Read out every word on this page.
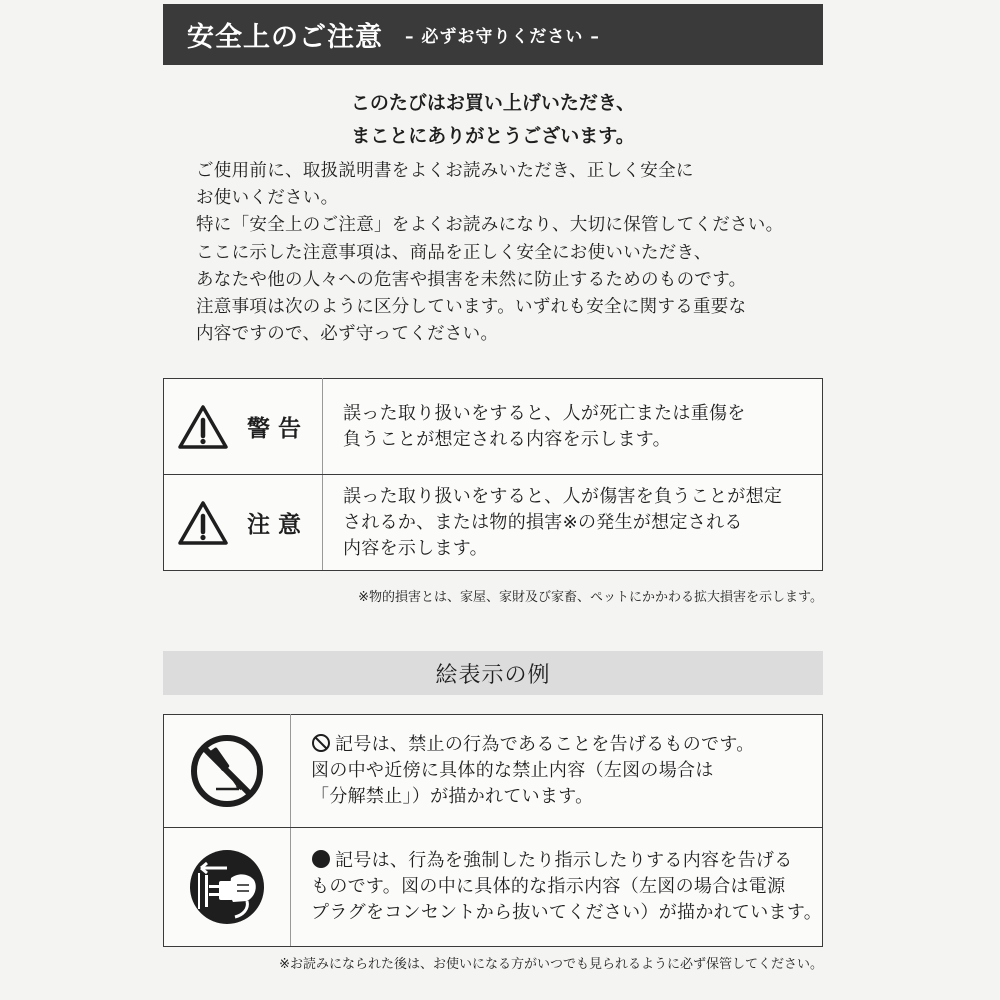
安全上のご注意 – 必ずお守りください –
このたびはお買い上げいただき、
まことにありがとうございます。

ご使用前に、取扱説明書をよくお読みいただき、正しく安全に

お使いください。

特に「安全上のご注意」をよくお読みになり、大切に保管してください。

ここに示した注意事項は、商品を正しく安全にお使いいただき、

あなたや他の人々への危害や損害を未然に防止するためのものです。

注意事項は次のように区分しています。いずれも安全に関する重要な

内容ですので、必ず守ってください。

警告	誤った取り扱いをすると、人が死亡または重傷を
負うことが想定される内容を示します。

注意	誤った取り扱いをすると、人が傷害を負うことが想定
されるか、または物的損害※の発生が想定される
内容を示します。
※物的損害とは、家屋、家財及び家畜、ペットにかかわる拡大損害を示します。
絵表示の例

記号は、禁止の行為であることを告げるものです。
図の中や近傍に具体的な禁止内容（左図の場合は
「分解禁止」）が描かれています。

記号は、行為を強制したり指示したりする内容を告げる
ものです。図の中に具体的な指示内容（左図の場合は電源
プラグをコンセントから抜いてください）が描かれています。
※お読みになられた後は、お使いになる方がいつでも見られるように必ず保管してください。
